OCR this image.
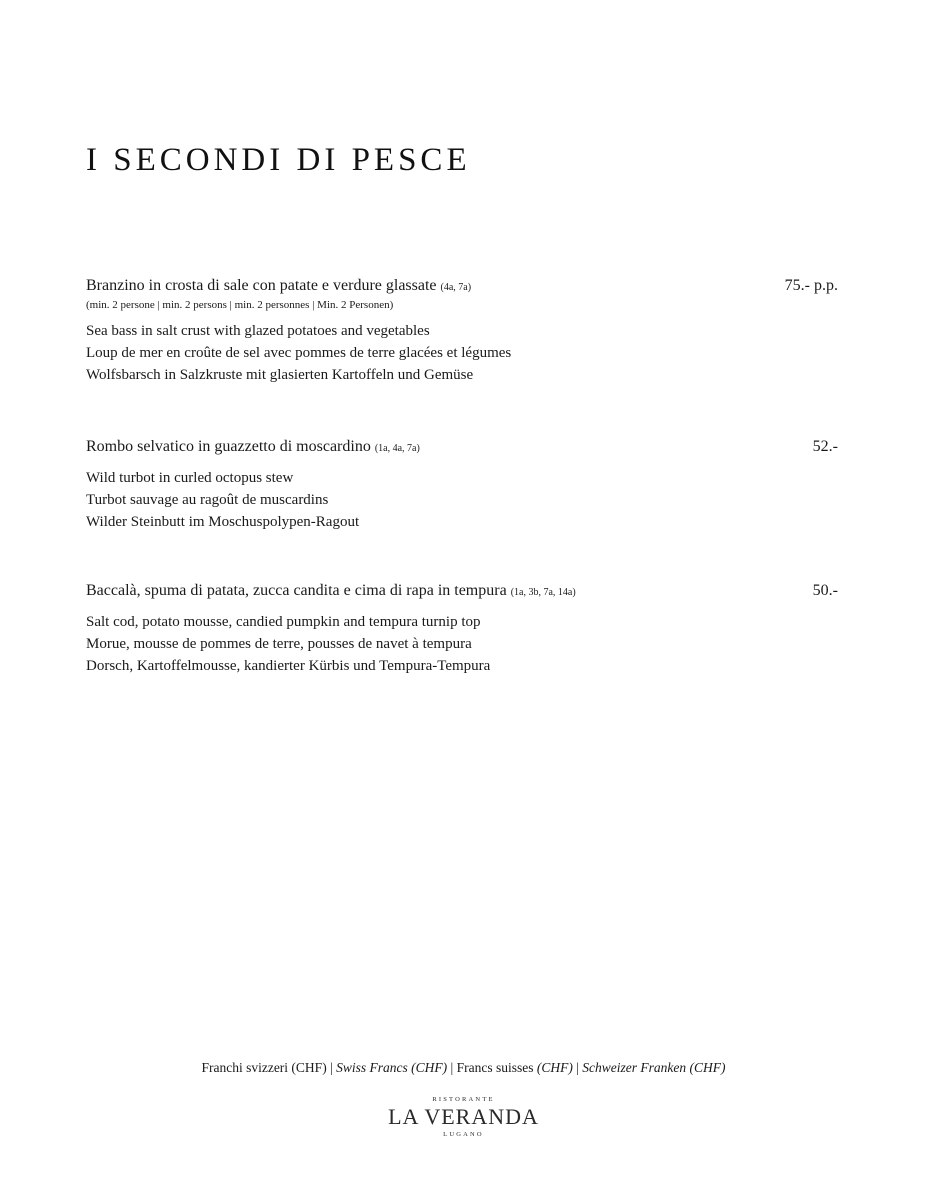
I SECONDI DI PESCE
Branzino in crosta di sale con patate e verdure glassate (4a, 7a)	75.- p.p.
(min. 2 persone | min. 2 persons | min. 2 personnes | Min. 2 Personen)
Sea bass in salt crust with glazed potatoes and vegetables
Loup de mer en croûte de sel avec pommes de terre glacées et légumes
Wolfsbarsch in Salzkruste mit glasierten Kartoffeln und Gemüse
Rombo selvatico in guazzetto di moscardino (1a, 4a, 7a)	52.-
Wild turbot in curled octopus stew
Turbot sauvage au ragoût de muscardins
Wilder Steinbutt im Moschuspolypen-Ragout
Baccalà, spuma di patata, zucca candita e cima di rapa in tempura (1a, 3b, 7a, 14a)	50.-
Salt cod, potato mousse, candied pumpkin and tempura turnip top
Morue, mousse de pommes de terre, pousses de navet à tempura
Dorsch, Kartoffelmousse, kandierter Kürbis und Tempura-Tempura
Franchi svizzeri (CHF) | Swiss Francs (CHF) | Francs suisses (CHF) | Schweizer Franken (CHF)
RISTORANTE
LA VERANDA
LUGANO
